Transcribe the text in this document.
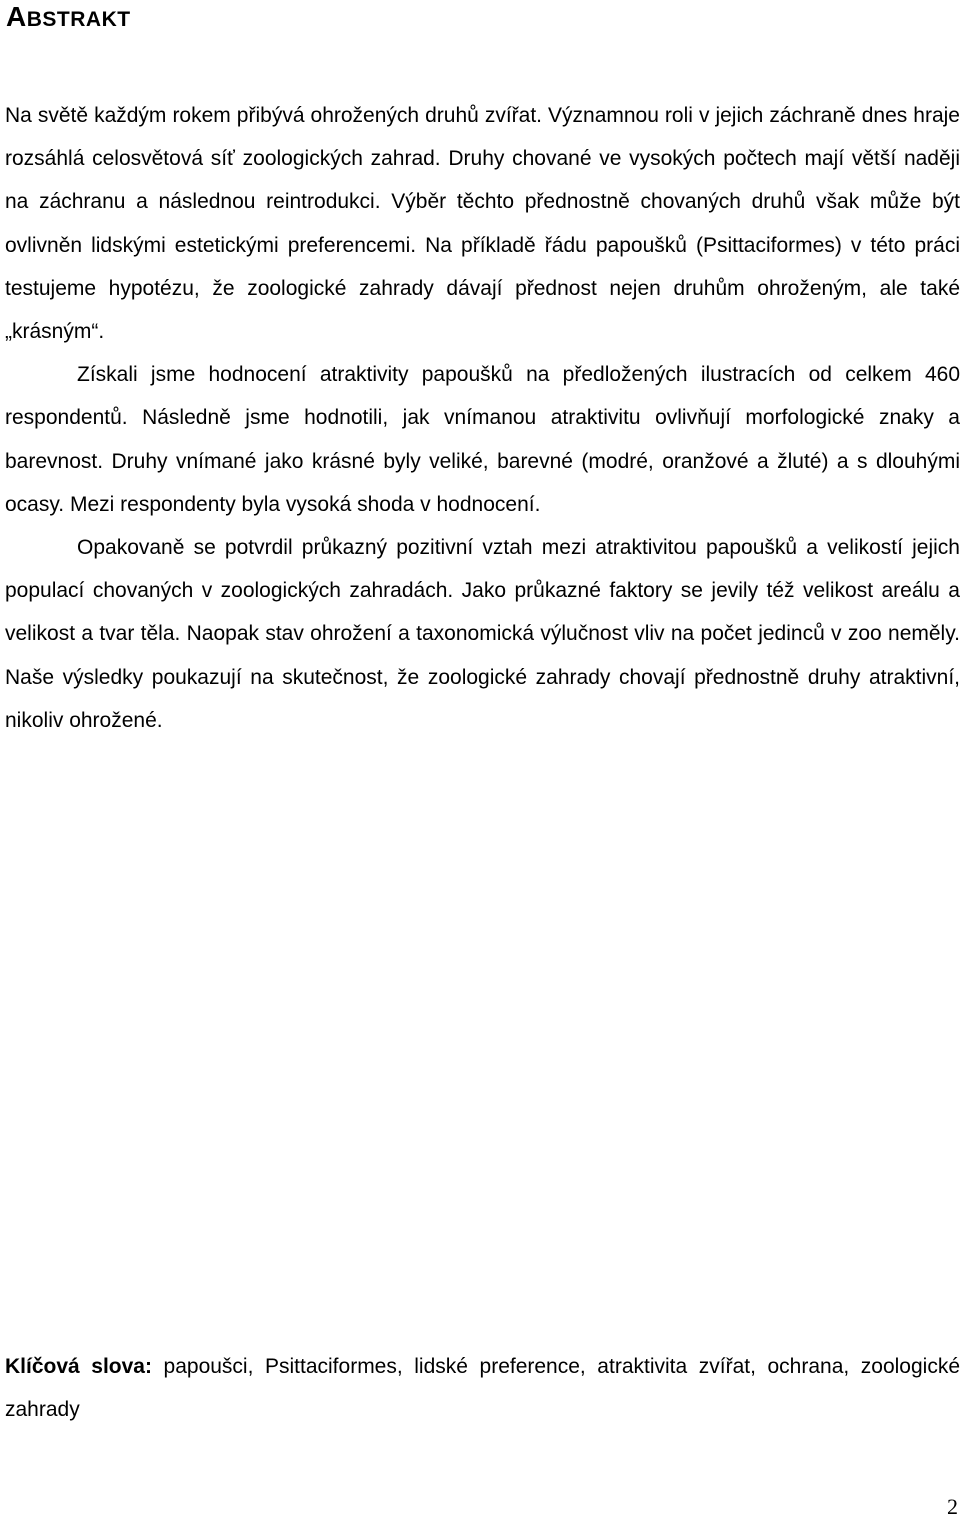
ABSTRAKT

Na světě každým rokem přibývá ohrožených druhů zvířat. Významnou roli v jejich záchraně dnes hraje rozsáhlá celosvětová síť zoologických zahrad. Druhy chované ve vysokých počtech mají větší naději na záchranu a následnou reintrodukci. Výběr těchto přednostně chovaných druhů však může být ovlivněn lidskými estetickými preferencemi. Na příkladě řádu papoušků (Psittaciformes) v této práci testujeme hypotézu, že zoologické zahrady dávají přednost nejen druhům ohroženým, ale také „krásným“.

Získali jsme hodnocení atraktivity papoušků na předložených ilustracích od celkem 460 respondentů. Následně jsme hodnotili, jak vnímanou atraktivitu ovlivňují morfologické znaky a barevnost. Druhy vnímané jako krásné byly veliké, barevné (modré, oranžové a žluté) a s dlouhými ocasy. Mezi respondenty byla vysoká shoda v hodnocení.

Opakovaně se potvrdil průkazný pozitivní vztah mezi atraktivitou papoušků a velikostí jejich populací chovaných v zoologických zahradách. Jako průkazné faktory se jevily též velikost areálu a velikost a tvar těla. Naopak stav ohrožení a taxonomická výlučnost vliv na počet jedinců v zoo neměly. Naše výsledky poukazují na skutečnost, že zoologické zahrady chovají přednostně druhy atraktivní, nikoliv ohrožené.

Klíčová slova: papoušci, Psittaciformes, lidské preference, atraktivita zvířat, ochrana, zoologické zahrady

2
